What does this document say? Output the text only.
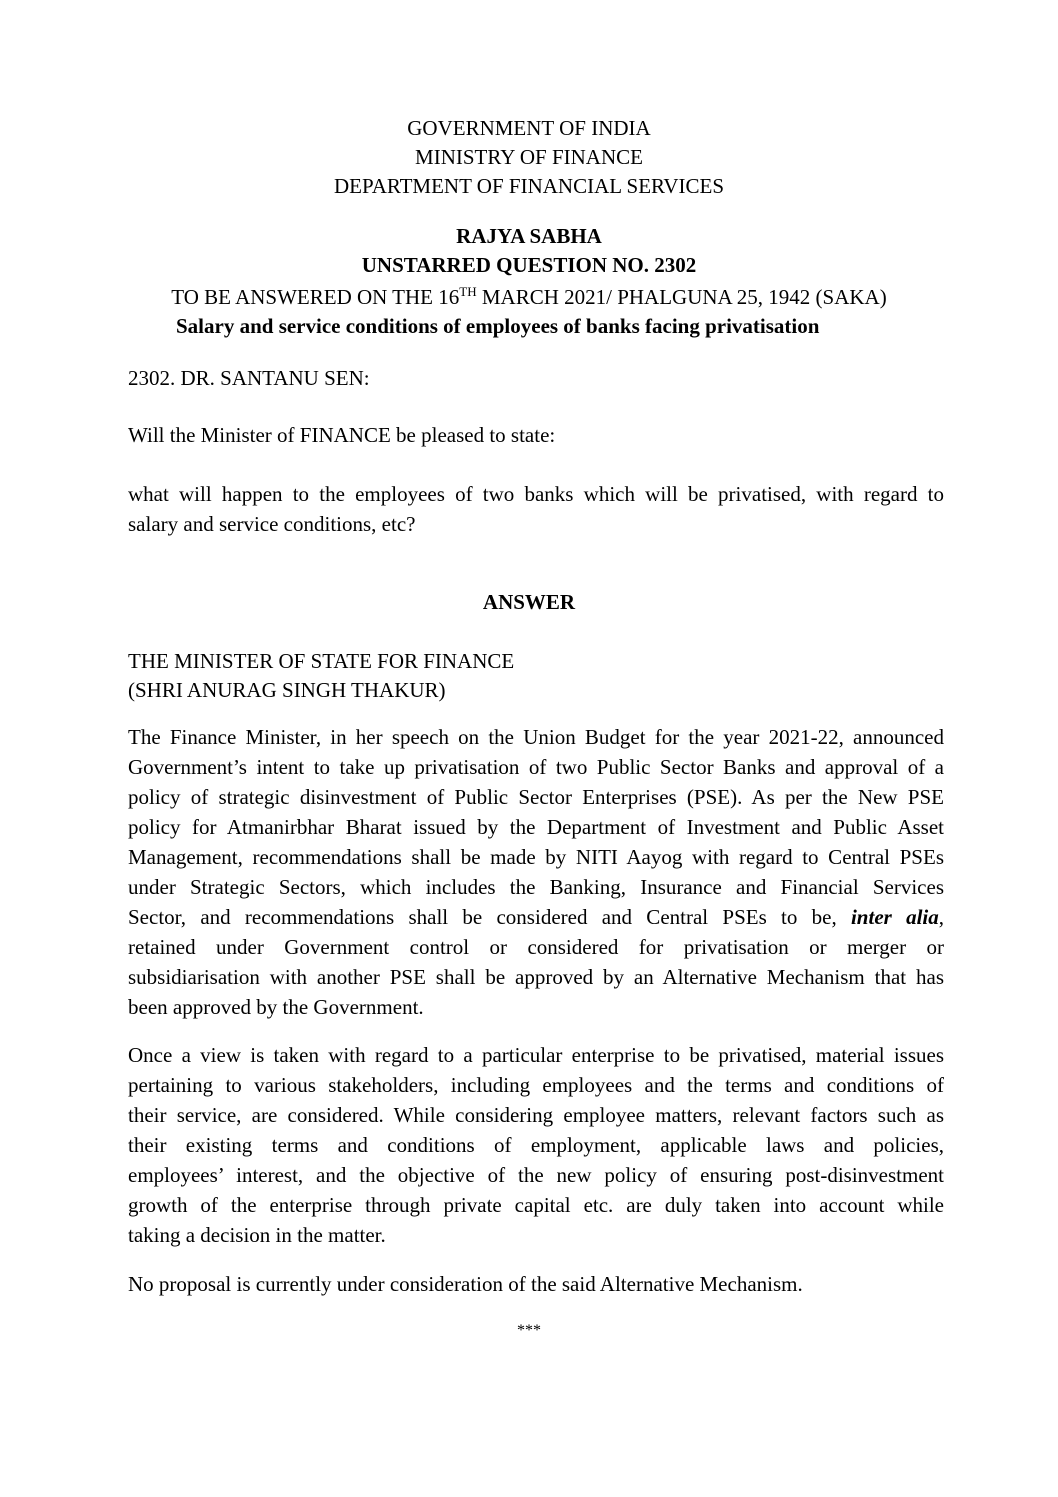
GOVERNMENT OF INDIA
MINISTRY OF FINANCE
DEPARTMENT OF FINANCIAL SERVICES
RAJYA SABHA
UNSTARRED QUESTION NO. 2302
TO BE ANSWERED ON THE 16TH MARCH 2021/ PHALGUNA 25, 1942 (SAKA)
Salary and service conditions of employees of banks facing privatisation
2302. DR. SANTANU SEN:
Will the Minister of FINANCE be pleased to state:
what will happen to the employees of two banks which will be privatised, with regard to
salary and service conditions, etc?
ANSWER
THE MINISTER OF STATE FOR FINANCE
(SHRI ANURAG SINGH THAKUR)
The Finance Minister, in her speech on the Union Budget for the year 2021-22, announced
Government’s intent to take up privatisation of two Public Sector Banks and approval of a
policy of strategic disinvestment of Public Sector Enterprises (PSE). As per the New PSE
policy for Atmanirbhar Bharat issued by the Department of Investment and Public Asset
Management, recommendations shall be made by NITI Aayog with regard to Central PSEs
under Strategic Sectors, which includes the Banking, Insurance and Financial Services
Sector, and recommendations shall be considered and Central PSEs to be, inter alia,
retained under Government control or considered for privatisation or merger or
subsidiarisation with another PSE shall be approved by an Alternative Mechanism that has
been approved by the Government.
Once a view is taken with regard to a particular enterprise to be privatised, material issues
pertaining to various stakeholders, including employees and the terms and conditions of
their service, are considered. While considering employee matters, relevant factors such as
their existing terms and conditions of employment, applicable laws and policies,
employees’ interest, and the objective of the new policy of ensuring post-disinvestment
growth of the enterprise through private capital etc. are duly taken into account while
taking a decision in the matter.
No proposal is currently under consideration of the said Alternative Mechanism.
***
